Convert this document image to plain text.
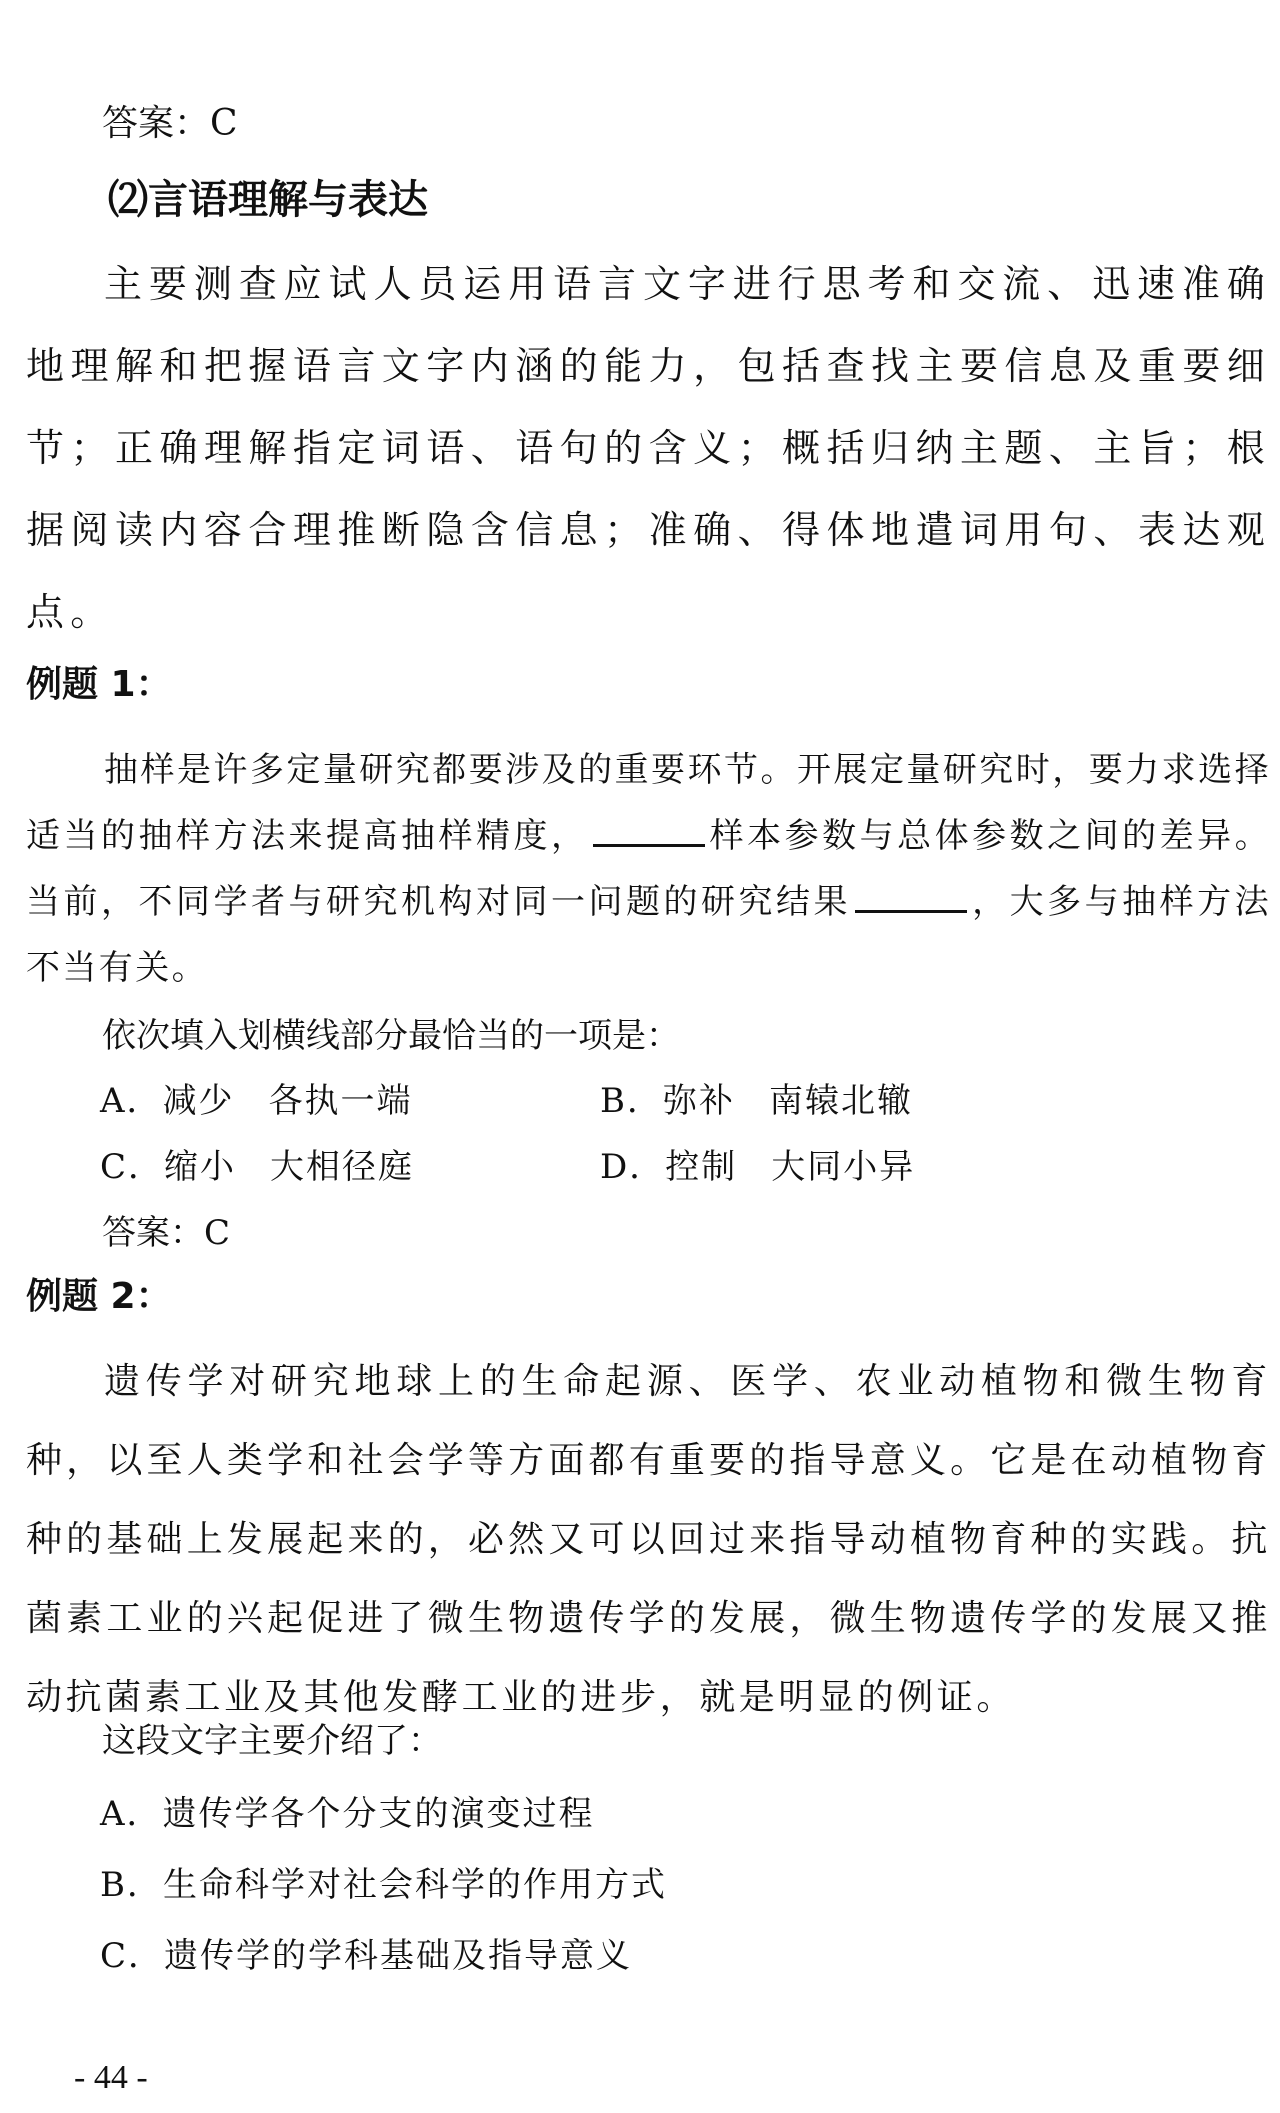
答案：C
⑵言语理解与表达

主要测查应试人员运用语言文字进行思考和交流、迅速准确地理解和把握语言文字内涵的能力，包括查找主要信息及重要细节；正确理解指定词语、语句的含义；概括归纳主题、主旨；根据阅读内容合理推断隐含信息；准确、得体地遣词用句、表达观点。

例题 1：

抽样是许多定量研究都要涉及的重要环节。开展定量研究时，要力求选择适当的抽样方法来提高抽样精度，	样本参数与总体参数之间的差异。当前，不同学者与研究机构对同一问题的研究结果	，大多与抽样方法不当有关。

依次填入划横线部分最恰当的一项是：
A．减少 各执一端	B．弥补 南辕北辙
C．缩小 大相径庭	D．控制 大同小异
答案：C
例题 2：

遗传学对研究地球上的生命起源、医学、农业动植物和微生物育种，以至人类学和社会学等方面都有重要的指导意义。它是在动植物育种的基础上发展起来的，必然又可以回过来指导动植物育种的实践。抗菌素工业的兴起促进了微生物遗传学的发展，微生物遗传学的发展又推动抗菌素工业及其他发酵工业的进步，就是明显的例证。

这段文字主要介绍了：
A．遗传学各个分支的演变过程
B．生命科学对社会科学的作用方式
C．遗传学的学科基础及指导意义
- 44 -
